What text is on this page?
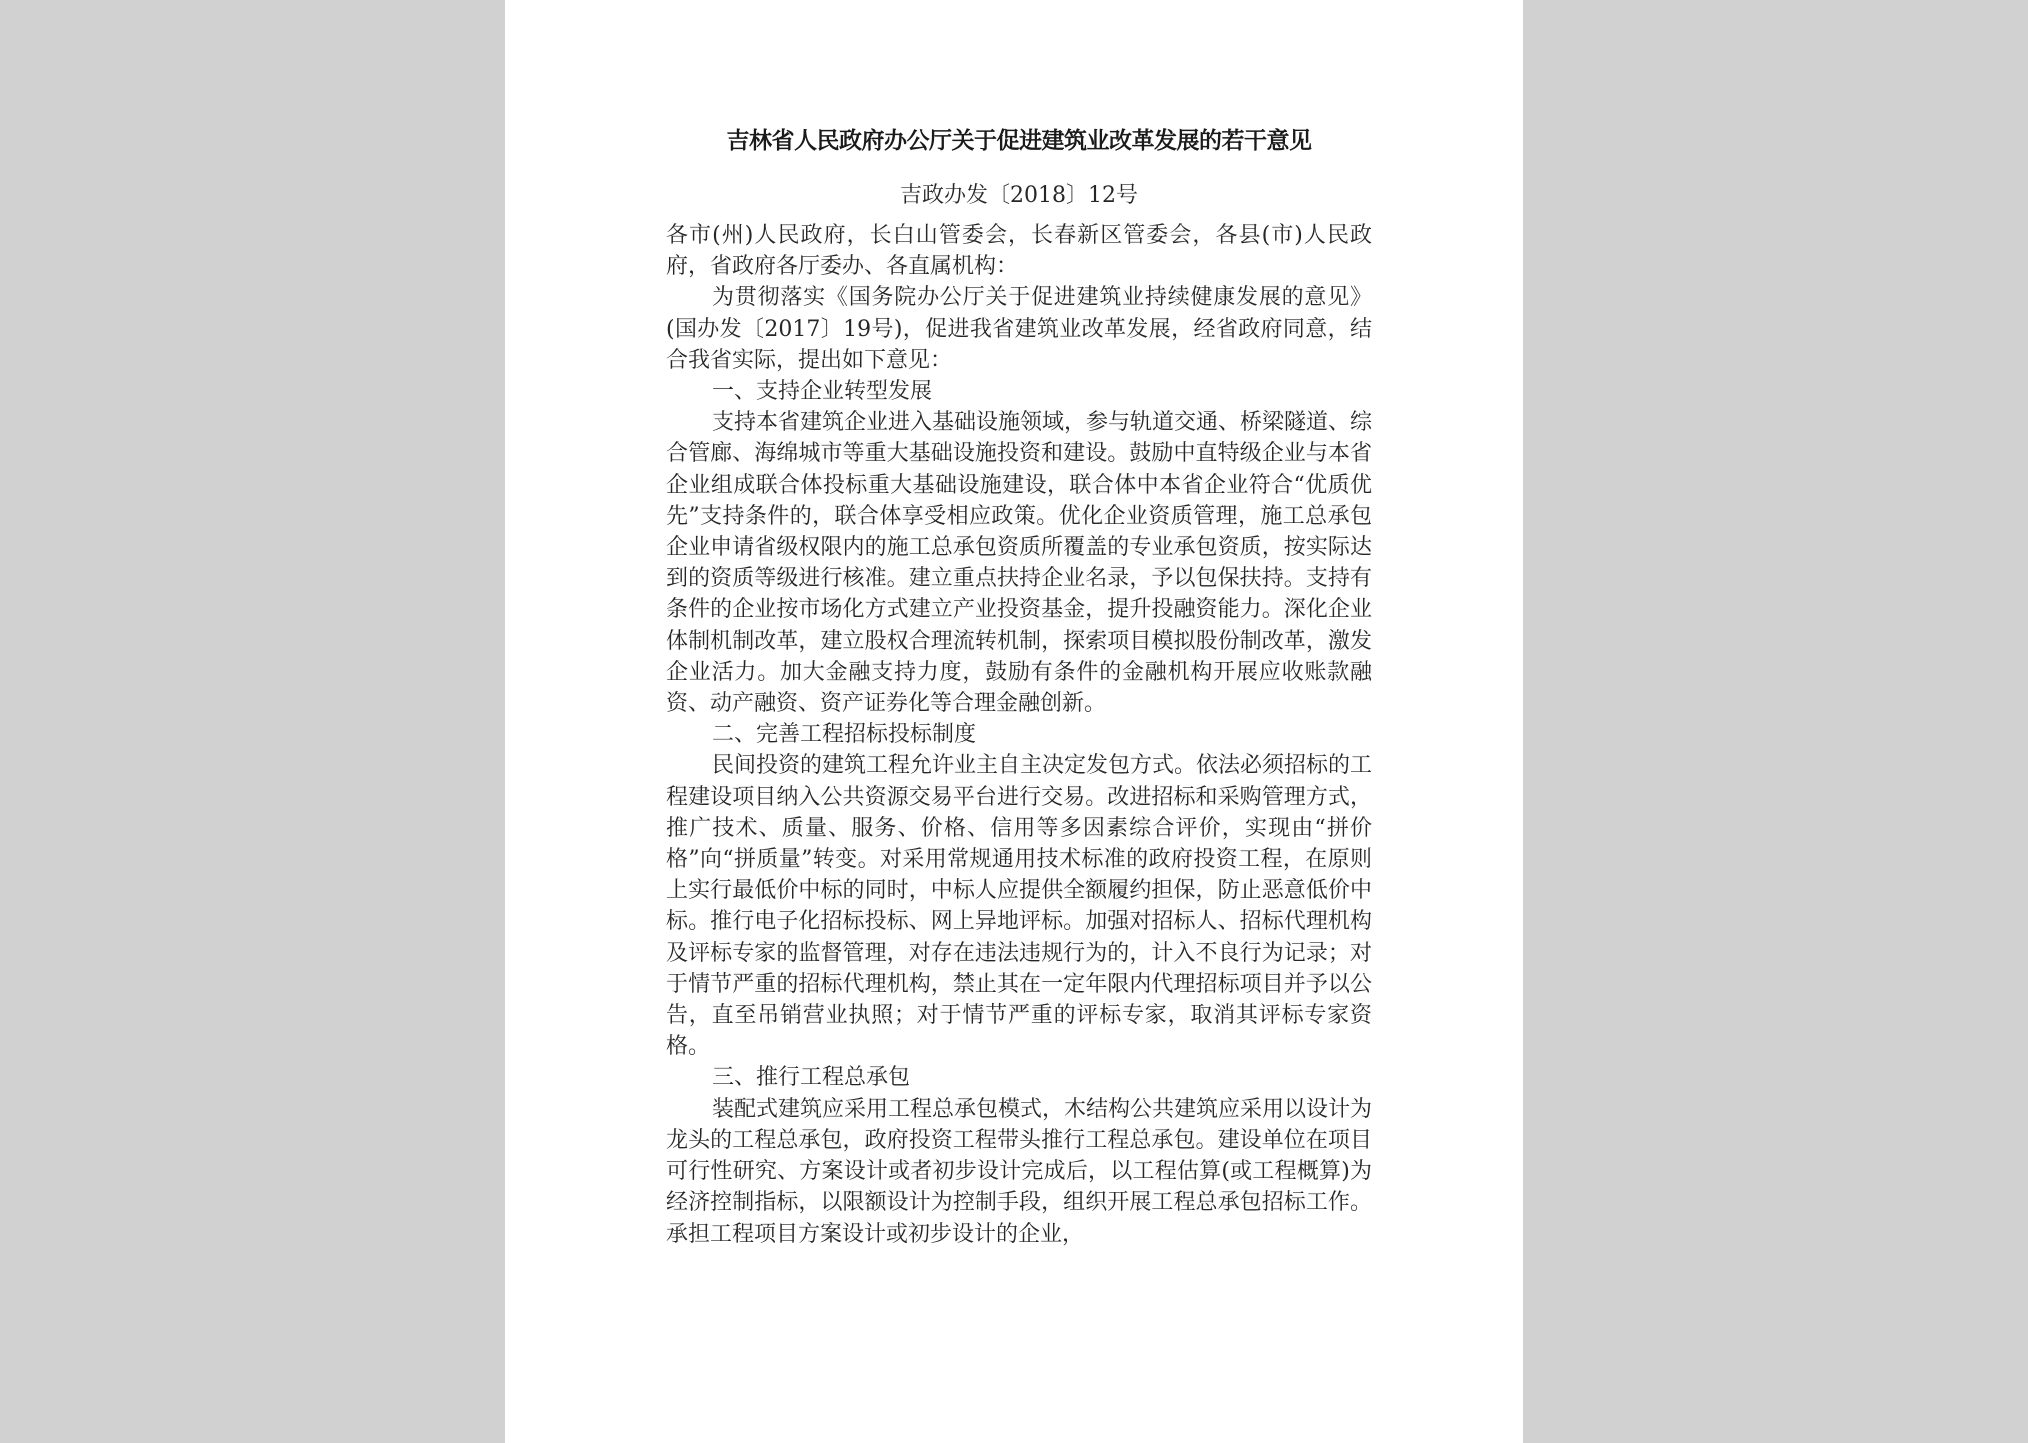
吉林省人民政府办公厅关于促进建筑业改革发展的若干意见

吉政办发〔2018〕12号

各市(州)人民政府，长白山管委会，长春新区管委会，各县(市)人民政府，省政府各厅委办、各直属机构：

为贯彻落实《国务院办公厅关于促进建筑业持续健康发展的意见》(国办发〔2017〕19号)，促进我省建筑业改革发展，经省政府同意，结合我省实际，提出如下意见：

一、支持企业转型发展

支持本省建筑企业进入基础设施领域，参与轨道交通、桥梁隧道、综合管廊、海绵城市等重大基础设施投资和建设。鼓励中直特级企业与本省企业组成联合体投标重大基础设施建设，联合体中本省企业符合“优质优先”支持条件的，联合体享受相应政策。优化企业资质管理，施工总承包企业申请省级权限内的施工总承包资质所覆盖的专业承包资质，按实际达到的资质等级进行核准。建立重点扶持企业名录，予以包保扶持。支持有条件的企业按市场化方式建立产业投资基金，提升投融资能力。深化企业体制机制改革，建立股权合理流转机制，探索项目模拟股份制改革，激发企业活力。加大金融支持力度，鼓励有条件的金融机构开展应收账款融资、动产融资、资产证券化等合理金融创新。

二、完善工程招标投标制度

民间投资的建筑工程允许业主自主决定发包方式。依法必须招标的工程建设项目纳入公共资源交易平台进行交易。改进招标和采购管理方式，推广技术、质量、服务、价格、信用等多因素综合评价，实现由“拼价格”向“拼质量”转变。对采用常规通用技术标准的政府投资工程，在原则上实行最低价中标的同时，中标人应提供全额履约担保，防止恶意低价中标。推行电子化招标投标、网上异地评标。加强对招标人、招标代理机构及评标专家的监督管理，对存在违法违规行为的，计入不良行为记录；对于情节严重的招标代理机构，禁止其在一定年限内代理招标项目并予以公告，直至吊销营业执照；对于情节严重的评标专家，取消其评标专家资格。

三、推行工程总承包

装配式建筑应采用工程总承包模式，木结构公共建筑应采用以设计为龙头的工程总承包，政府投资工程带头推行工程总承包。建设单位在项目可行性研究、方案设计或者初步设计完成后，以工程估算(或工程概算)为经济控制指标，以限额设计为控制手段，组织开展工程总承包招标工作。承担工程项目方案设计或初步设计的企业，
